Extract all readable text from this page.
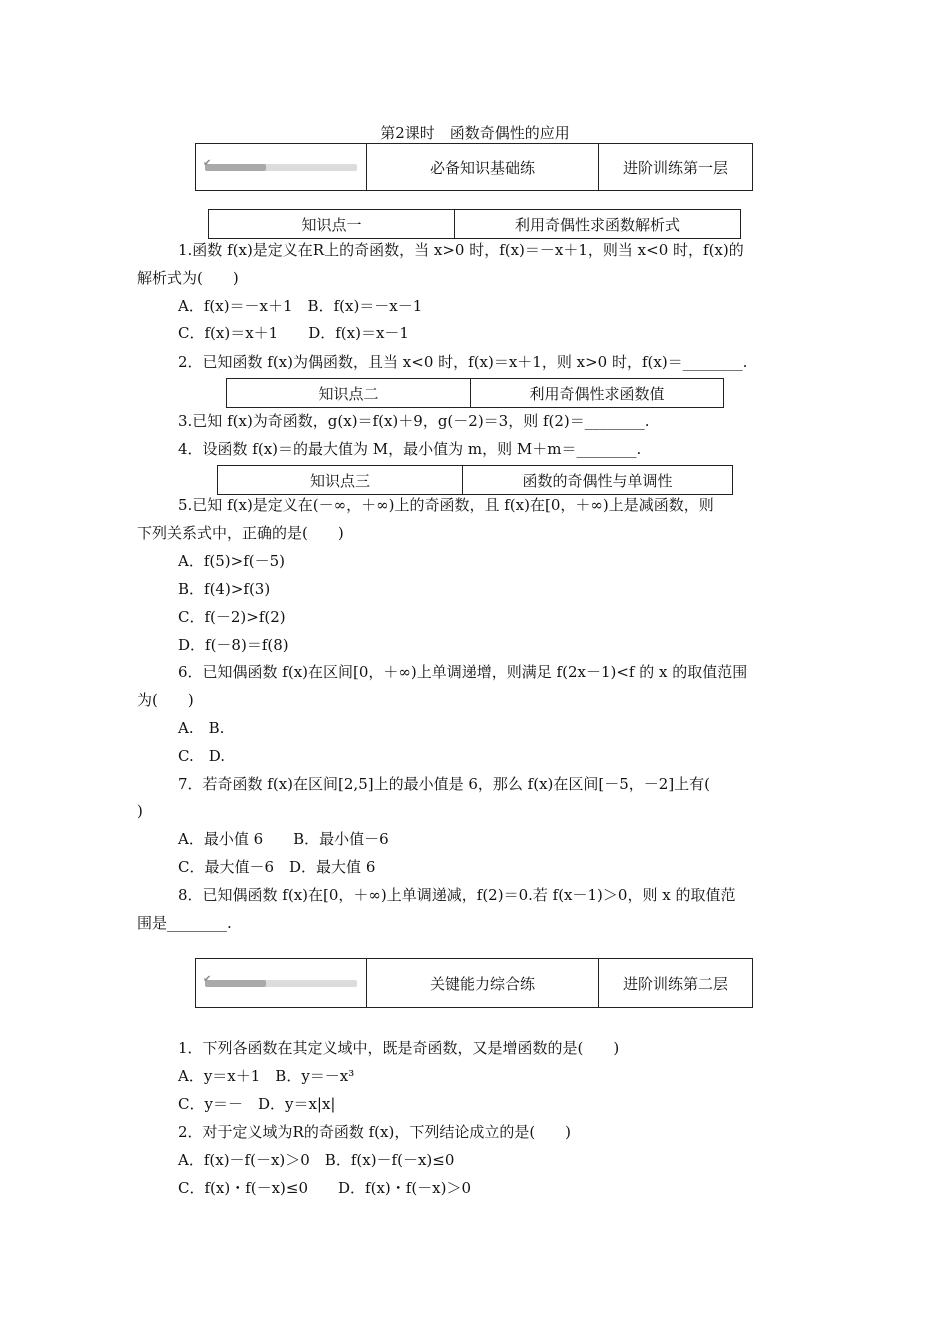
第2课时　函数奇偶性的应用
✔	必备知识基础练	进阶训练第一层
知识点一	利用奇偶性求函数解析式
1.函数 f(x)是定义在R上的奇函数，当 x>0 时，f(x)＝－x＋1，则当 x<0 时，f(x)的
解析式为(　　)
A．f(x)＝－x＋1　B．f(x)＝－x－1
C．f(x)＝x＋1　　D．f(x)＝x－1
2．已知函数 f(x)为偶函数，且当 x<0 时，f(x)＝x＋1，则 x>0 时，f(x)＝________.
知识点二	利用奇偶性求函数值
3.已知 f(x)为奇函数，g(x)＝f(x)＋9，g(－2)＝3，则 f(2)＝________.
4．设函数 f(x)＝的最大值为 M，最小值为 m，则 M＋m＝________.
知识点三	函数的奇偶性与单调性
5.已知 f(x)是定义在(－∞，＋∞)上的奇函数，且 f(x)在[0，＋∞)上是减函数，则
下列关系式中，正确的是(　　)
A．f(5)>f(－5)
B．f(4)>f(3)
C．f(－2)>f(2)
D．f(－8)＝f(8)
6．已知偶函数 f(x)在区间[0，＋∞)上单调递增，则满足 f(2x－1)<f 的 x 的取值范围
为(　　)
A.　B.
C.　D.
7．若奇函数 f(x)在区间[2,5]上的最小值是 6，那么 f(x)在区间[－5，－2]上有(
)
A．最小值 6　　B．最小值－6
C．最大值－6　D．最大值 6
8．已知偶函数 f(x)在[0，＋∞)上单调递减，f(2)＝0.若 f(x－1)＞0，则 x 的取值范
围是________.
✔	关键能力综合练	进阶训练第二层
1．下列各函数在其定义域中，既是奇函数，又是增函数的是(　　)
A．y＝x＋1　B．y＝－x³
C．y＝－　D．y＝x|x|
2．对于定义域为R的奇函数 f(x)，下列结论成立的是(　　)
A．f(x)－f(－x)＞0　B．f(x)－f(－x)≤0
C．f(x)・f(－x)≤0　　D．f(x)・f(－x)＞0
